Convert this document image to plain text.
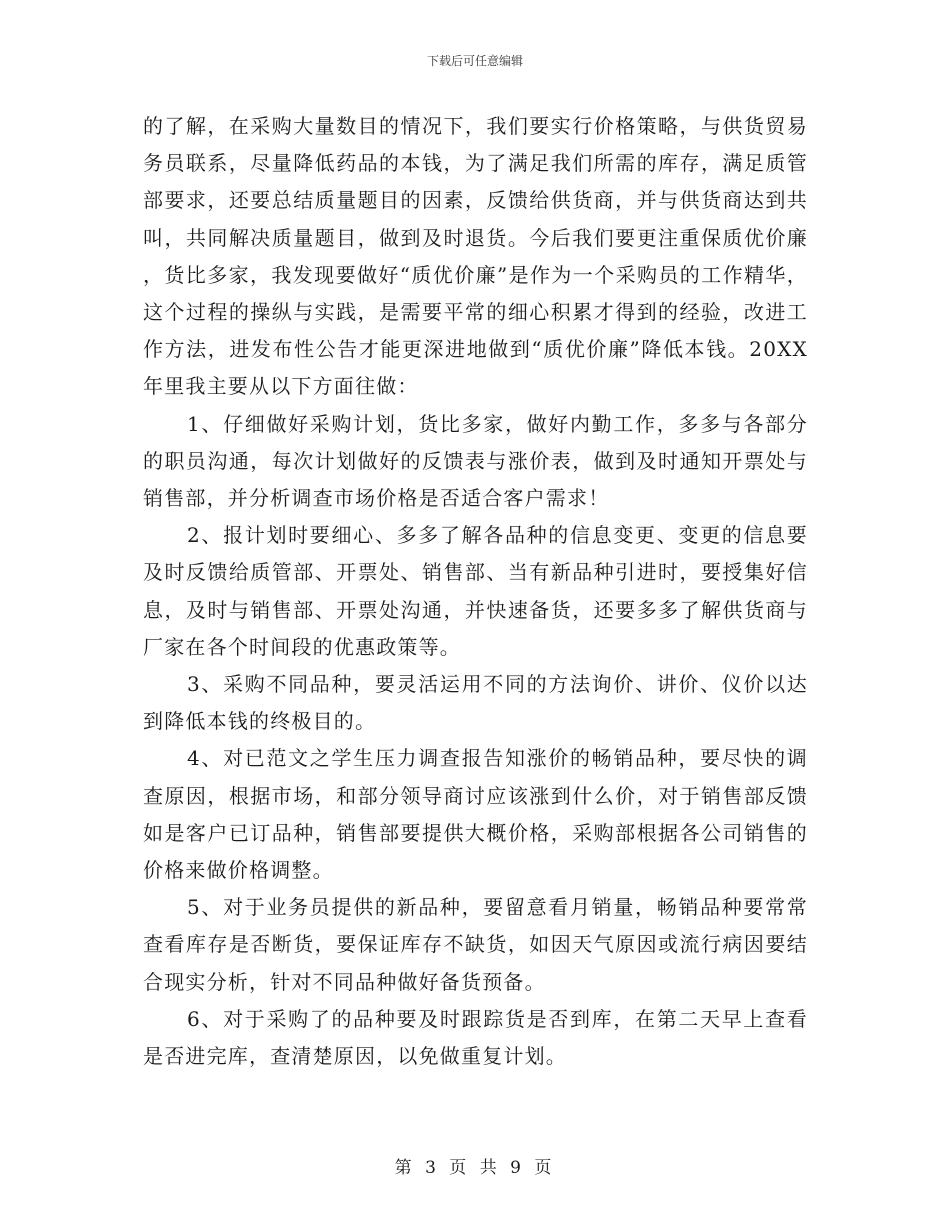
下载后可任意编辑

的了解，在采购大量数目的情况下，我们要实行价格策略，与供货贸易务员联系，尽量降低药品的本钱，为了满足我们所需的库存，满足质管部要求，还要总结质量题目的因素，反馈给供货商，并与供货商达到共叫，共同解决质量题目，做到及时退货。今后我们要更注重保质优价廉 ，货比多家，我发现要做好“质优价廉”是作为一个采购员的工作精华，这个过程的操纵与实践，是需要平常的细心积累才得到的经验，改进工作方法，进发布性公告才能更深进地做到“质优价廉”降低本钱。20XX 年里我主要从以下方面往做：

1、仔细做好采购计划，货比多家，做好内勤工作，多多与各部分的职员沟通，每次计划做好的反馈表与涨价表，做到及时通知开票处与销售部，并分析调查市场价格是否适合客户需求！

2、报计划时要细心、多多了解各品种的信息变更、变更的信息要及时反馈给质管部、开票处、销售部、当有新品种引进时，要授集好信息，及时与销售部、开票处沟通，并快速备货，还要多多了解供货商与厂家在各个时间段的优惠政策等。

3、采购不同品种，要灵活运用不同的方法询价、讲价、仪价以达到降低本钱的终极目的。

4、对已范文之学生压力调查报告知涨价的畅销品种，要尽快的调查原因，根据市场，和部分领导商讨应该涨到什么价，对于销售部反馈如是客户已订品种，销售部要提供大概价格，采购部根据各公司销售的价格来做价格调整。

5、对于业务员提供的新品种，要留意看月销量，畅销品种要常常查看库存是否断货，要保证库存不缺货，如因天气原因或流行病因要结合现实分析，针对不同品种做好备货预备。

6、对于采购了的品种要及时跟踪货是否到库，在第二天早上查看是否进完库，查清楚原因，以免做重复计划。

第 3 页 共 9 页
